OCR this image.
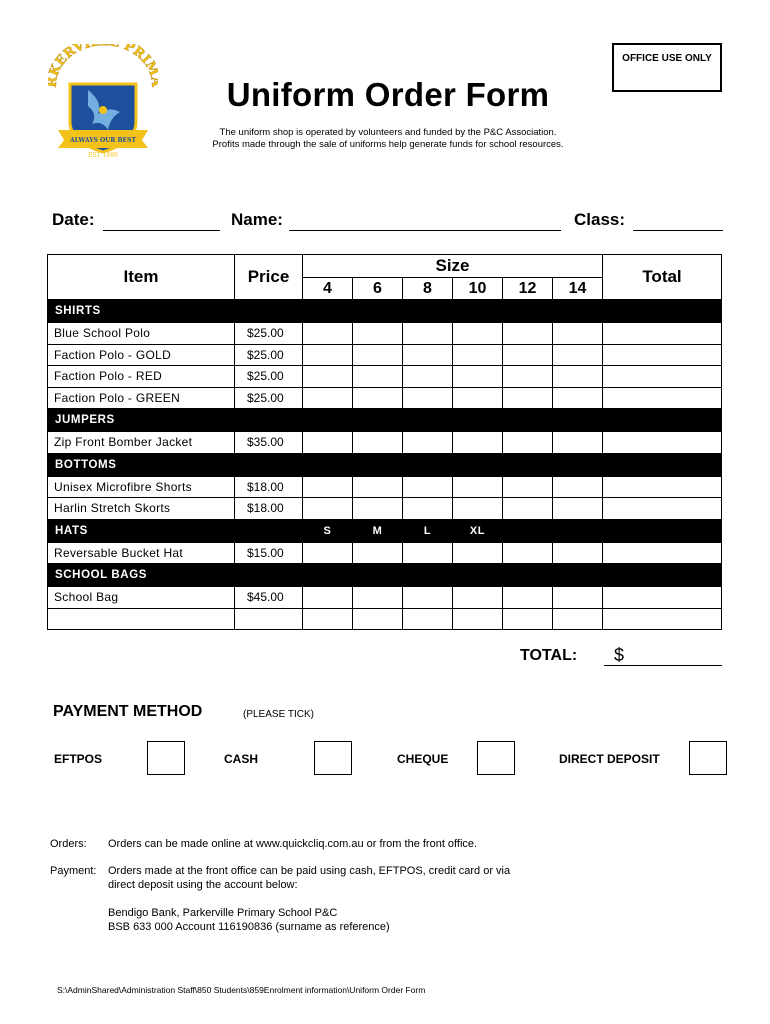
KERVI PRI
ALWAYS OUR BEST
EST 1899
OFFICE USE ONLY
Uniform Order Form
The uniform shop is operated by volunteers and funded by the P&C Association.
Profits made through the sale of uniforms help generate funds for school resources.
Date:	Name:	Class:
Item	Price	Size						Total
		4	6	8	10	12	14	
SHIRTS								
Blue School Polo	$25.00							
Faction Polo - GOLD	$25.00							
Faction Polo - RED	$25.00							
Faction Polo - GREEN	$25.00							
JUMPERS								
Zip Front Bomber Jacket	$35.00							
BOTTOMS								
Unisex Microfibre Shorts	$18.00							
Harlin Stretch Skorts	$18.00							
HATS		S	M	L	XL			
Reversable Bucket Hat	$15.00							
SCHOOL BAGS								
School Bag	$45.00							

TOTAL: $
PAYMENT METHOD	(PLEASE TICK)
EFTPOS	CASH	CHEQUE	DIRECT DEPOSIT
Orders: Orders can be made online at www.quickcliq.com.au or from the front office.
Payment: Orders made at the front office can be paid using cash, EFTPOS, credit card or via
direct deposit using the account below:
Bendigo Bank, Parkerville Primary School P&C
BSB 633 000 Account 116190836 (surname as reference)
S:\AdminShared\Administration Staff\850 Students\859Enrolment information\Uniform Order Form
